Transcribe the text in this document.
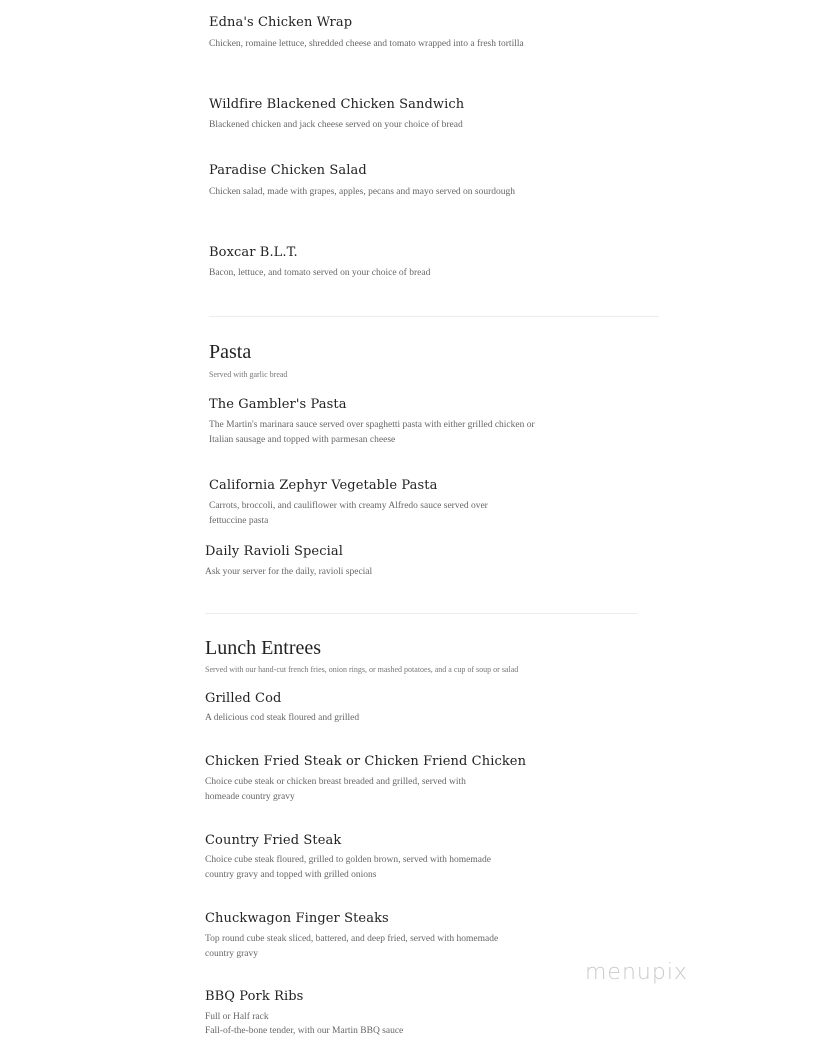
Edna's Chicken Wrap
Chicken, romaine lettuce, shredded cheese and tomato wrapped into a fresh tortilla
Wildfire Blackened Chicken Sandwich
Blackened chicken and jack cheese served on your choice of bread
Paradise Chicken Salad
Chicken salad, made with grapes, apples, pecans and mayo served on sourdough
Boxcar B.L.T.
Bacon, lettuce, and tomato served on your choice of bread
Pasta
Served with garlic bread
The Gambler's Pasta
The Martin's marinara sauce served over spaghetti pasta with either grilled chicken or Italian sausage and topped with parmesan cheese
California Zephyr Vegetable Pasta
Carrots, broccoli, and cauliflower with creamy Alfredo sauce served over fettuccine pasta
Daily Ravioli Special
Ask your server for the daily, ravioli special
Lunch Entrees
Served with our hand-cut french fries, onion rings, or mashed potatoes, and a cup of soup or salad
Grilled Cod
A delicious cod steak floured and grilled
Chicken Fried Steak or Chicken Friend Chicken
Choice cube steak or chicken breast breaded and grilled, served with homeade country gravy
Country Fried Steak
Choice cube steak floured, grilled to golden brown, served with homemade country gravy and topped with grilled onions
Chuckwagon Finger Steaks
Top round cube steak sliced, battered, and deep fried, served with homemade country gravy
BBQ Pork Ribs
Full or Half rack
Fall-of-the-bone tender, with our Martin BBQ sauce
menupix
